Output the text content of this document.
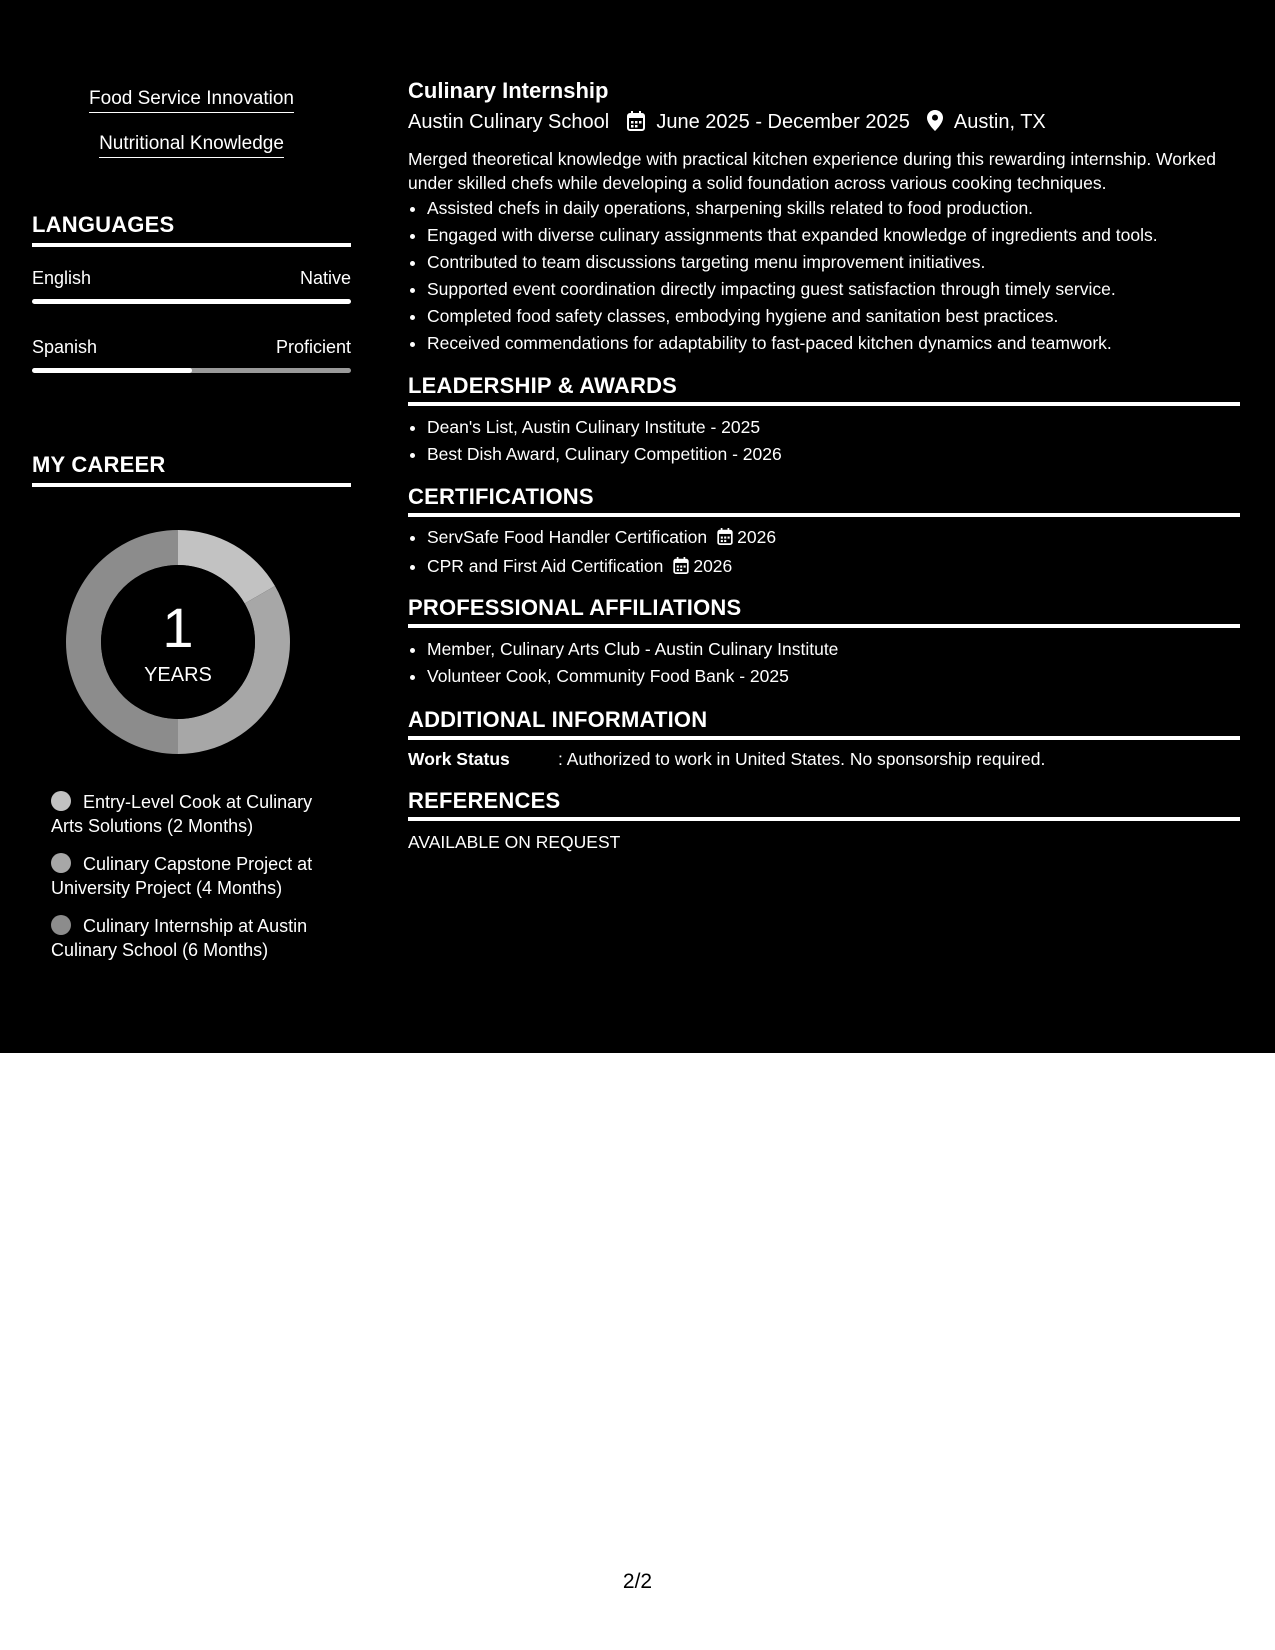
Food Service Innovation
Nutritional Knowledge
LANGUAGES
English	Native
Spanish	Proficient
MY CAREER
1
YEARS
Entry-Level Cook at Culinary Arts Solutions (2 Months)
Culinary Capstone Project at University Project (4 Months)
Culinary Internship at Austin Culinary School (6 Months)
Culinary Internship
Austin Culinary School June 2025 - December 2025 Austin, TX
Merged theoretical knowledge with practical kitchen experience during this rewarding internship. Worked under skilled chefs while developing a solid foundation across various cooking techniques.
• Assisted chefs in daily operations, sharpening skills related to food production.
• Engaged with diverse culinary assignments that expanded knowledge of ingredients and tools.
• Contributed to team discussions targeting menu improvement initiatives.
• Supported event coordination directly impacting guest satisfaction through timely service.
• Completed food safety classes, embodying hygiene and sanitation best practices.
• Received commendations for adaptability to fast-paced kitchen dynamics and teamwork.
LEADERSHIP & AWARDS
• Dean's List, Austin Culinary Institute - 2025
• Best Dish Award, Culinary Competition - 2026
CERTIFICATIONS
• ServSafe Food Handler Certification 2026
• CPR and First Aid Certification 2026
PROFESSIONAL AFFILIATIONS
• Member, Culinary Arts Club - Austin Culinary Institute
• Volunteer Cook, Community Food Bank - 2025
ADDITIONAL INFORMATION
Work Status	: Authorized to work in United States. No sponsorship required.
REFERENCES
AVAILABLE ON REQUEST
2/2
